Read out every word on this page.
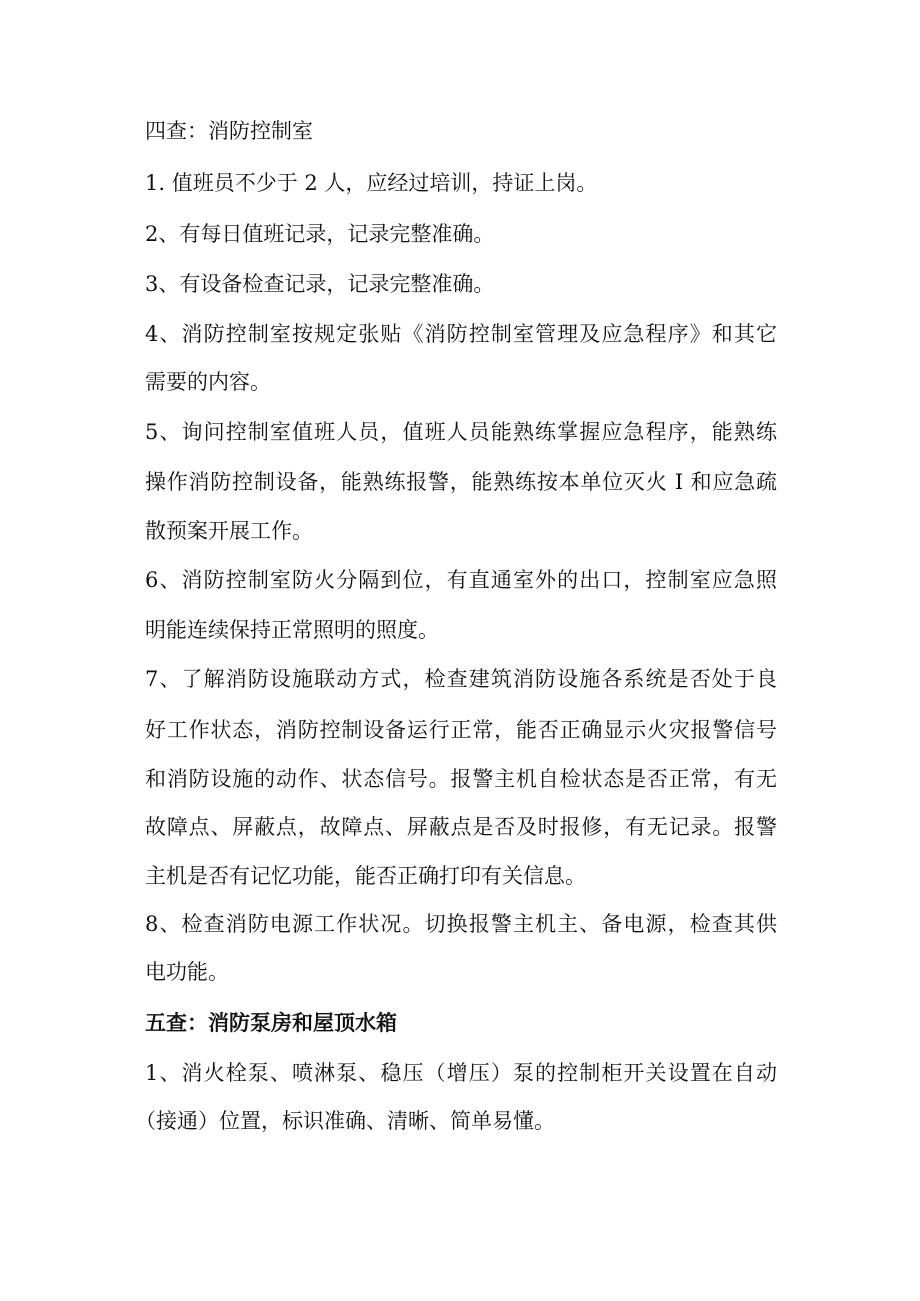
四查：消防控制室
1. 值班员不少于 2 人，应经过培训，持证上岗。
2、有每日值班记录，记录完整准确。
3、有设备检查记录，记录完整准确。
4、消防控制室按规定张贴《消防控制室管理及应急程序》和其它
需要的内容。
5、询问控制室值班人员，值班人员能熟练掌握应急程序，能熟练
操作消防控制设备，能熟练报警，能熟练按本单位灭火 I 和应急疏
散预案开展工作。
6、消防控制室防火分隔到位，有直通室外的出口，控制室应急照
明能连续保持正常照明的照度。
7、了解消防设施联动方式，检查建筑消防设施各系统是否处于良
好工作状态，消防控制设备运行正常，能否正确显示火灾报警信号
和消防设施的动作、状态信号。报警主机自检状态是否正常，有无
故障点、屏蔽点，故障点、屏蔽点是否及时报修，有无记录。报警
主机是否有记忆功能，能否正确打印有关信息。
8、检查消防电源工作状况。切换报警主机主、备电源，检查其供
电功能。
五查：消防泵房和屋顶水箱
1、消火栓泵、喷淋泵、稳压（增压）泵的控制柜开关设置在自动
（接通）位置，标识准确、清晰、简单易懂。
